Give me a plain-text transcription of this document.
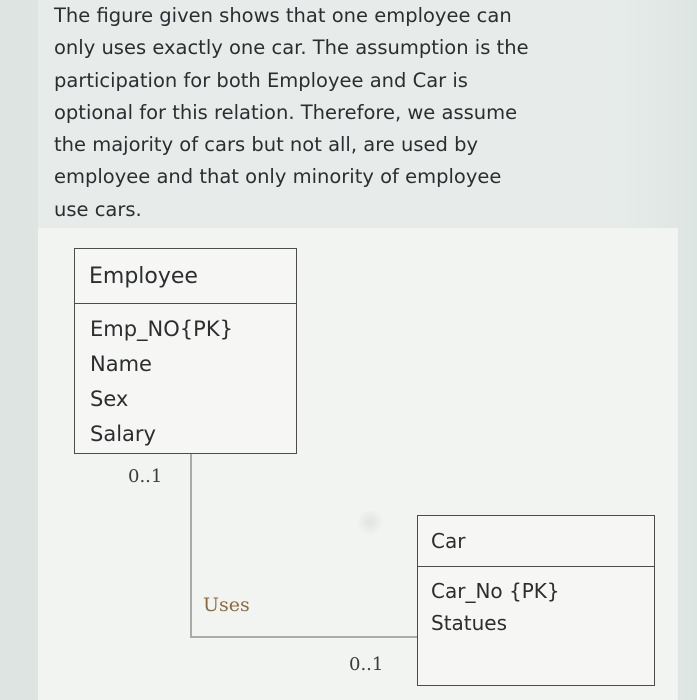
The figure given shows that one employee can
only uses exactly one car. The assumption is the
participation for both Employee and Car is
optional for this relation. Therefore, we assume
the majority of cars but not all, are used by
employee and that only minority of employee
use cars.

Employee
Emp_NO{PK}
Name
Sex
Salary
0..1
Uses
0..1
Car
Car_No {PK}
Statues
